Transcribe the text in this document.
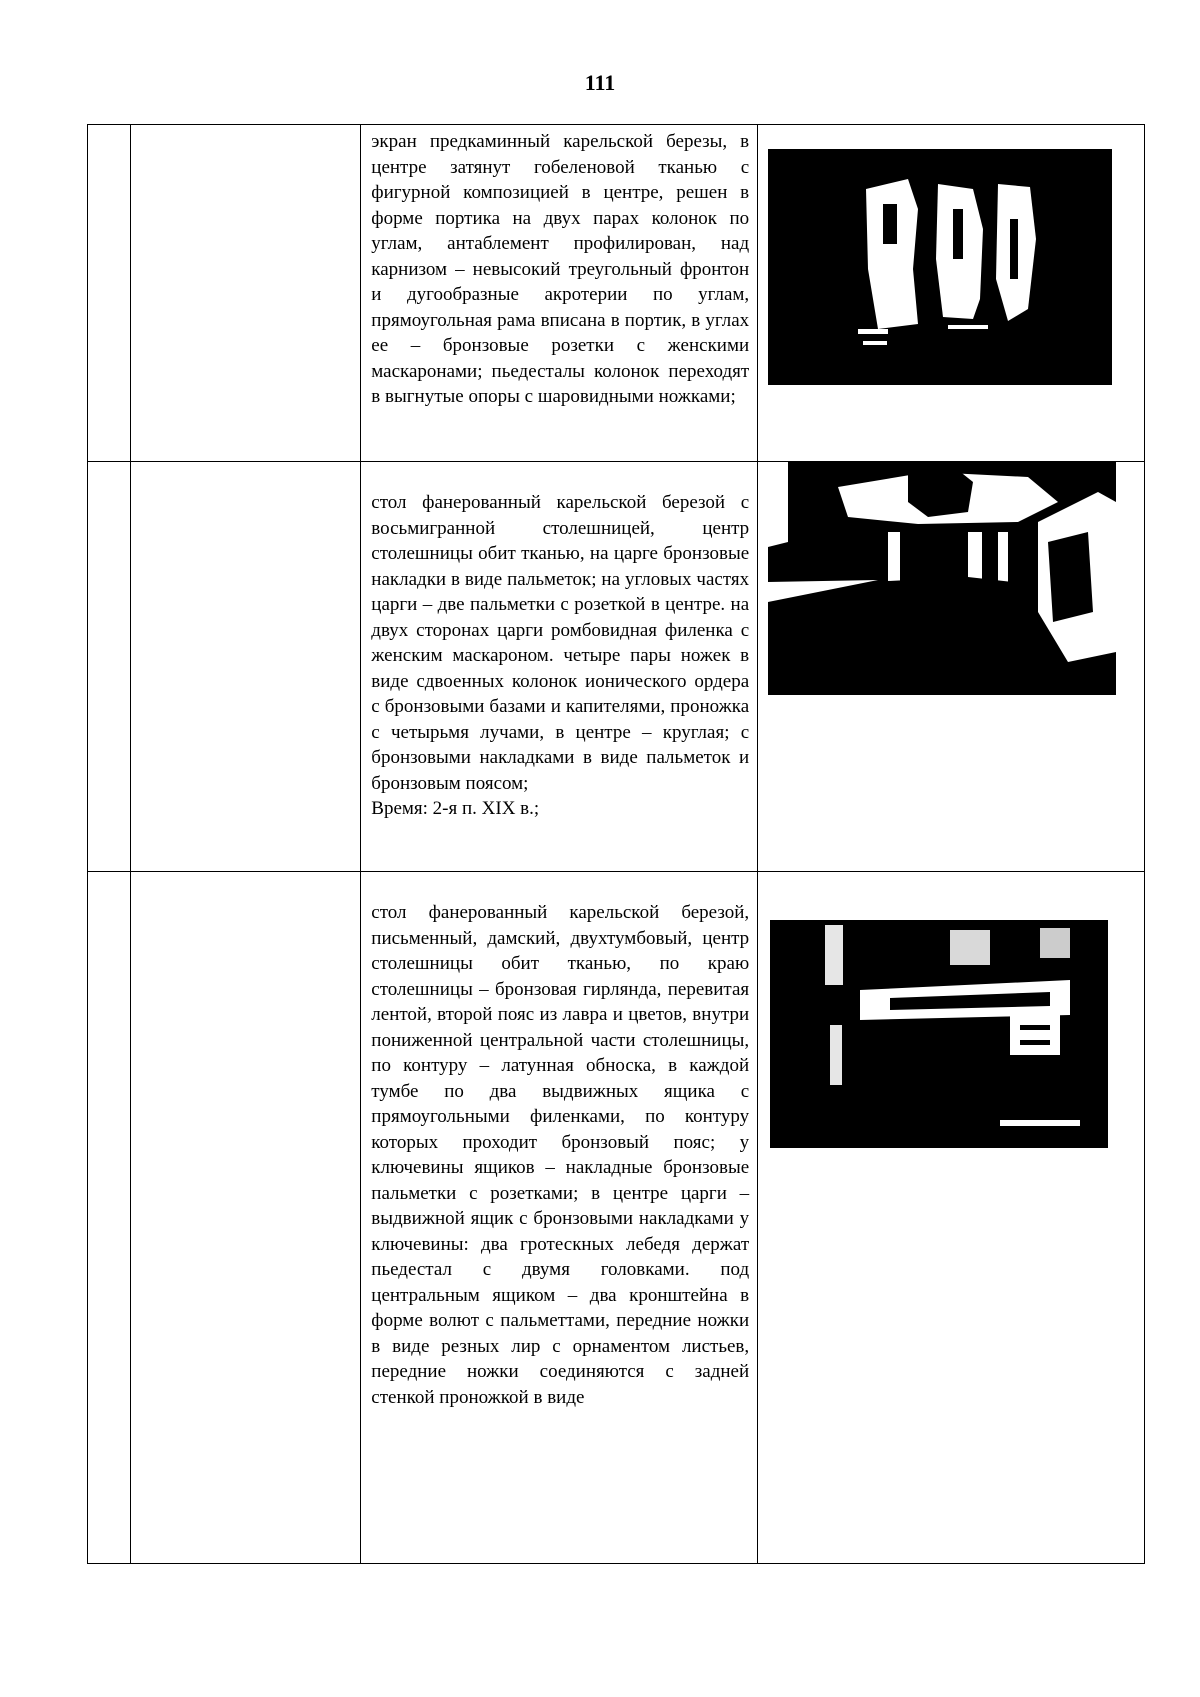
111

		экран предкаминный карельской березы, в центре затянут гобеленовой тканью с фигурной композицией в центре, решен в форме портика на двух парах колонок по углам, антаблемент профилирован, над карнизом – невысокий треугольный фронтон и дугообразные акротерии по углам, прямоугольная рама вписана в портик, в углах ее – бронзовые розетки с женскими маскаронами; пьедесталы колонок переходят в выгнутые опоры с шаровидными ножками;

		стол фанерованный карельской березой с восьмигранной столешницей, центр столешницы обит тканью, на царге бронзовые накладки в виде пальметок; на угловых частях царги – две пальметки с розеткой в центре. на двух сторонах царги ромбовидная филенка с женским маскароном. четыре пары ножек в виде сдвоенных колонок ионического ордера с бронзовыми базами и капителями, проножка с четырьмя лучами, в центре – круглая; с бронзовыми накладками в виде пальметок и бронзовым поясом;
Время: 2-я п. XIX в.;

		стол фанерованный карельской березой, письменный, дамский, двухтумбовый, центр столешницы обит тканью, по краю столешницы – бронзовая гирлянда, перевитая лентой, второй пояс из лавра и цветов, внутри пониженной центральной части столешницы, по контуру – латунная обноска, в каждой тумбе по два выдвижных ящика с прямоугольными филенками, по контуру которых проходит бронзовый пояс; у ключевины ящиков – накладные бронзовые пальметки с розетками; в центре царги – выдвижной ящик с бронзовыми накладками у ключевины: два гротескных лебедя держат пьедестал с двумя головками. под центральным ящиком – два кронштейна в форме волют с пальметтами, передние ножки в виде резных лир с орнаментом листьев, передние ножки соединяются с задней стенкой проножкой в виде
